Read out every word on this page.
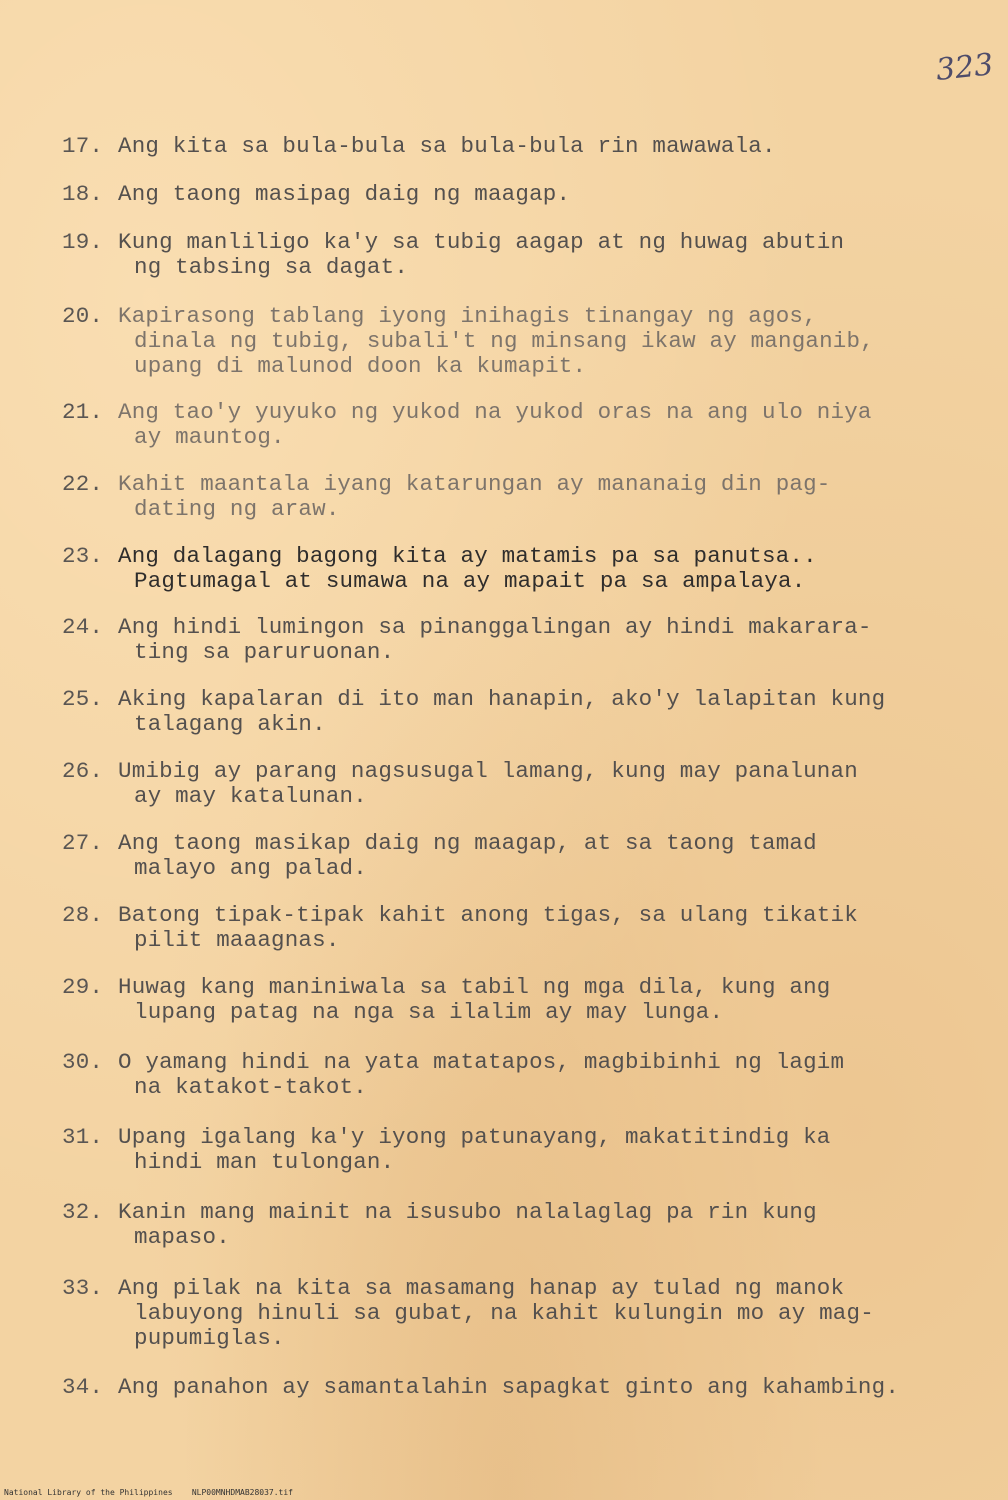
323
17. Ang kita sa bula-bula sa bula-bula rin mawawala.
18. Ang taong masipag daig ng maagap.
19. Kung manliligo ka'y sa tubig aagap at ng huwag abutin
ng tabsing sa dagat.
20. Kapirasong tablang iyong inihagis tinangay ng agos,
dinala ng tubig, subali't ng minsang ikaw ay manganib,
upang di malunod doon ka kumapit.
21. Ang tao'y yuyuko ng yukod na yukod oras na ang ulo niya
ay mauntog.
22. Kahit maantala iyang katarungan ay mananaig din pag-
dating ng araw.
23. Ang dalagang bagong kita ay matamis pa sa panutsa..
Pagtumagal at sumawa na ay mapait pa sa ampalaya.
24. Ang hindi lumingon sa pinanggalingan ay hindi makarara-
ting sa paruruonan.
25. Aking kapalaran di ito man hanapin, ako'y lalapitan kung
talagang akin.
26. Umibig ay parang nagsusugal lamang, kung may panalunan
ay may katalunan.
27. Ang taong masikap daig ng maagap, at sa taong tamad
malayo ang palad.
28. Batong tipak-tipak kahit anong tigas, sa ulang tikatik
pilit maaagnas.
29. Huwag kang maniniwala sa tabil ng mga dila, kung ang
lupang patag na nga sa ilalim ay may lunga.
30. O yamang hindi na yata matatapos, magbibinhi ng lagim
na katakot-takot.
31. Upang igalang ka'y iyong patunayang, makatitindig ka
hindi man tulongan.
32. Kanin mang mainit na isusubo nalalaglag pa rin kung
mapaso.
33. Ang pilak na kita sa masamang hanap ay tulad ng manok
labuyong hinuli sa gubat, na kahit kulungin mo ay mag-
pupumiglas.
34. Ang panahon ay samantalahin sapagkat ginto ang kahambing.
National Library of the Philippines NLP00MNHDMAB28037.tif
